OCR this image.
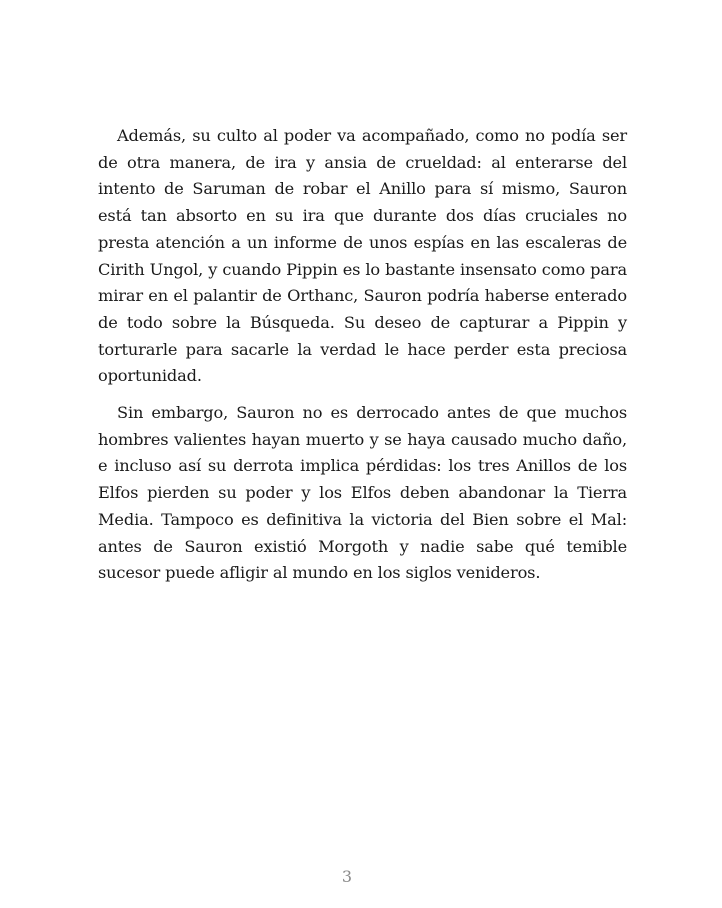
Además, su culto al poder va acompañado, como no podía ser de otra manera, de ira y ansia de crueldad: al enterarse del intento de Saruman de robar el Anillo para sí mismo, Sauron está tan absorto en su ira que durante dos días cruciales no presta atención a un informe de unos espías en las escaleras de Cirith Ungol, y cuando Pippin es lo bastante insensato como para mirar en el palantir de Orthanc, Sauron podría haberse enterado de todo sobre la Búsqueda. Su deseo de capturar a Pippin y torturarle para sacarle la verdad le hace perder esta preciosa oportunidad.

Sin embargo, Sauron no es derrocado antes de que muchos hombres valientes hayan muerto y se haya causado mucho daño, e incluso así su derrota implica pérdidas: los tres Anillos de los Elfos pierden su poder y los Elfos deben abandonar la Tierra Media. Tampoco es definitiva la victoria del Bien sobre el Mal: antes de Sauron existió Morgoth y nadie sabe qué temible sucesor puede afligir al mundo en los siglos venideros.

3
